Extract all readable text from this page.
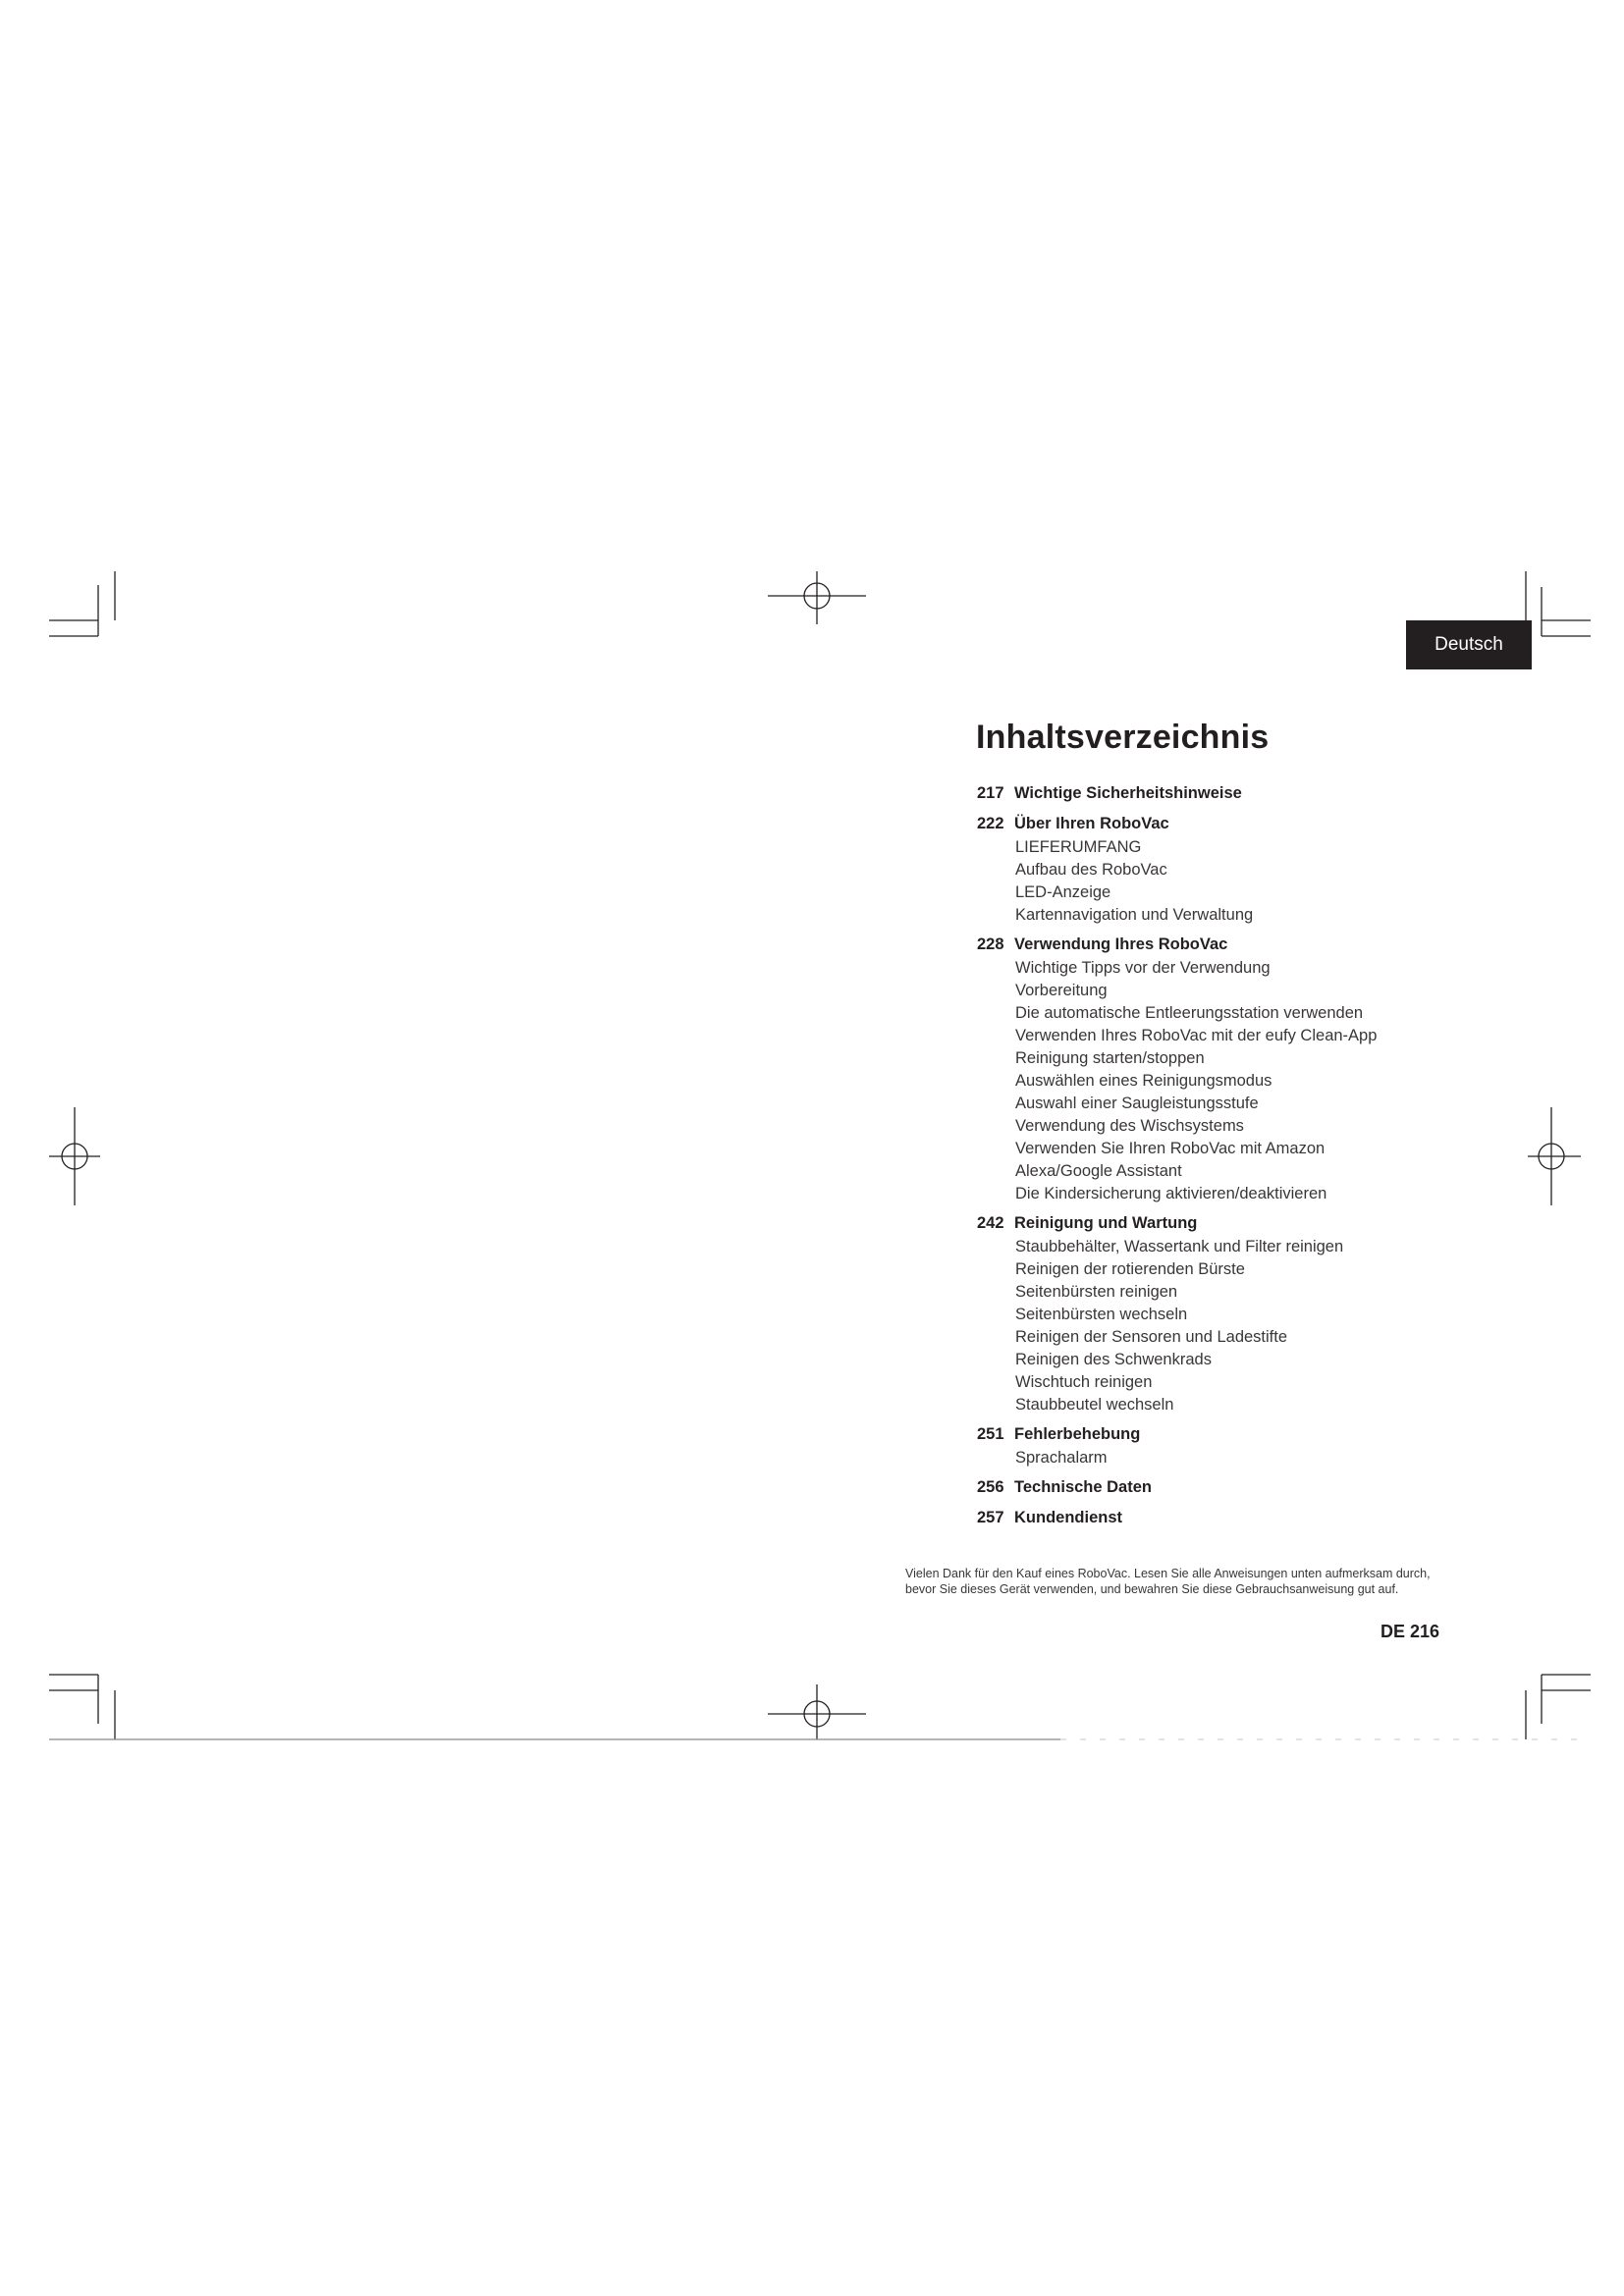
Deutsch
Inhaltsverzeichnis
217 Wichtige Sicherheitshinweise
222 Über Ihren RoboVac
LIEFERUMFANG
Aufbau des RoboVac
LED-Anzeige
Kartennavigation und Verwaltung
228 Verwendung Ihres RoboVac
Wichtige Tipps vor der Verwendung
Vorbereitung
Die automatische Entleerungsstation verwenden
Verwenden Ihres RoboVac mit der eufy Clean-App
Reinigung starten/stoppen
Auswählen eines Reinigungsmodus
Auswahl einer Saugleistungsstufe
Verwendung des Wischsystems
Verwenden Sie Ihren RoboVac mit Amazon Alexa/Google Assistant
Die Kindersicherung aktivieren/deaktivieren
242 Reinigung und Wartung
Staubbehälter, Wassertank und Filter reinigen
Reinigen der rotierenden Bürste
Seitenbürsten reinigen
Seitenbürsten wechseln
Reinigen der Sensoren und Ladestifte
Reinigen des Schwenkrads
Wischtuch reinigen
Staubbeutel wechseln
251 Fehlerbehebung
Sprachalarm
256 Technische Daten
257 Kundendienst
Vielen Dank für den Kauf eines RoboVac. Lesen Sie alle Anweisungen unten aufmerksam durch, bevor Sie dieses Gerät verwenden, und bewahren Sie diese Gebrauchsanweisung gut auf.
DE 216
